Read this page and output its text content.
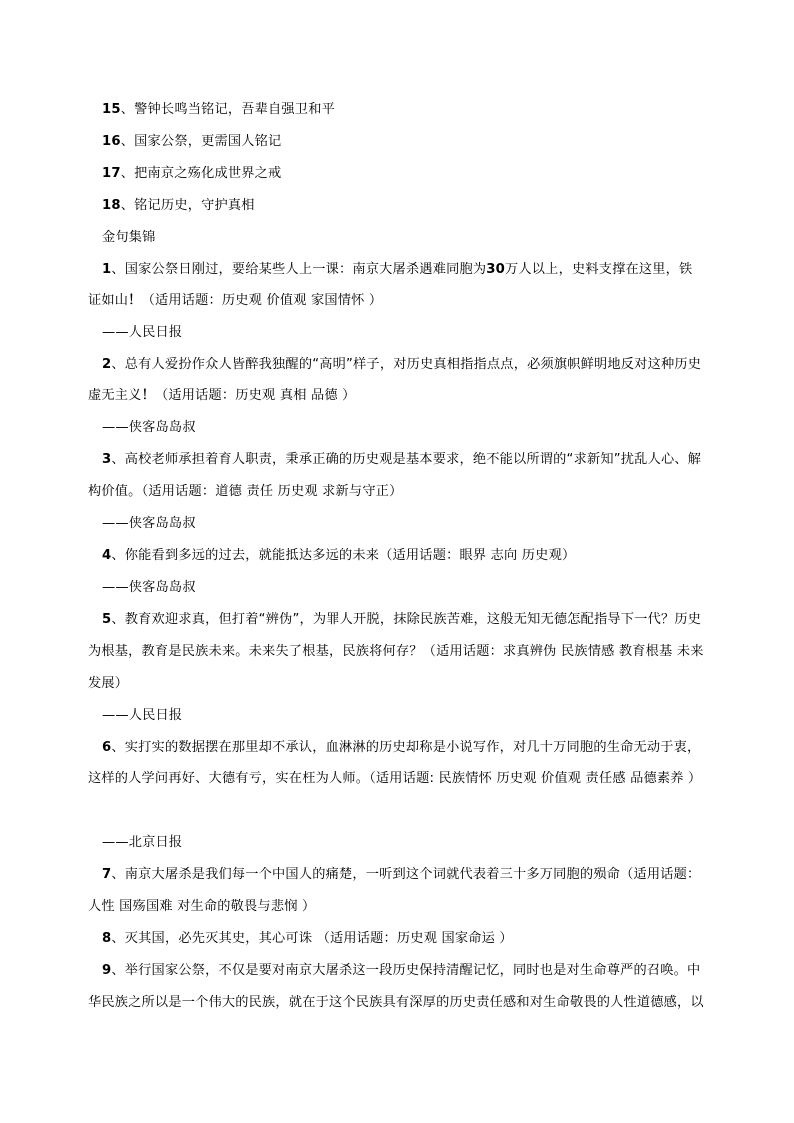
15、警钟长鸣当铭记，吾辈自强卫和平
16、国家公祭，更需国人铭记
17、把南京之殇化成世界之戒
18、铭记历史，守护真相
金句集锦
1、国家公祭日刚过，要给某些人上一课：南京大屠杀遇难同胞为30万人以上，史料支撑在这里，铁
证如山！（适用话题：历史观 价值观 家国情怀 ）
——人民日报
2、总有人爱扮作众人皆醉我独醒的“高明”样子，对历史真相指指点点，必须旗帜鲜明地反对这种历史
虚无主义！（适用话题：历史观 真相 品德 ）
——侠客岛岛叔
3、高校老师承担着育人职责，秉承正确的历史观是基本要求，绝不能以所谓的“求新知”扰乱人心、解
构价值。（适用话题：道德 责任 历史观 求新与守正）
——侠客岛岛叔
4、你能看到多远的过去，就能抵达多远的未来（适用话题：眼界 志向 历史观）
——侠客岛岛叔
5、教育欢迎求真，但打着“辨伪”，为罪人开脱，抹除民族苦难，这般无知无德怎配指导下一代？历史
为根基，教育是民族未来。未来失了根基，民族将何存？（适用话题：求真辨伪 民族情感 教育根基 未来
发展）
——人民日报
6、实打实的数据摆在那里却不承认，血淋淋的历史却称是小说写作，对几十万同胞的生命无动于衷，
这样的人学问再好、大德有亏，实在枉为人师。（适用话题: 民族情怀 历史观 价值观 责任感 品德素养 ）
——北京日报
7、南京大屠杀是我们每一个中国人的痛楚，一听到这个词就代表着三十多万同胞的殒命（适用话题：
人性 国殇国难 对生命的敬畏与悲悯 ）
8、灭其国，必先灭其史，其心可诛 （适用话题：历史观 国家命运 ）
9、举行国家公祭，不仅是要对南京大屠杀这一段历史保持清醒记忆，同时也是对生命尊严的召唤。中
华民族之所以是一个伟大的民族，就在于这个民族具有深厚的历史责任感和对生命敬畏的人性道德感，以
